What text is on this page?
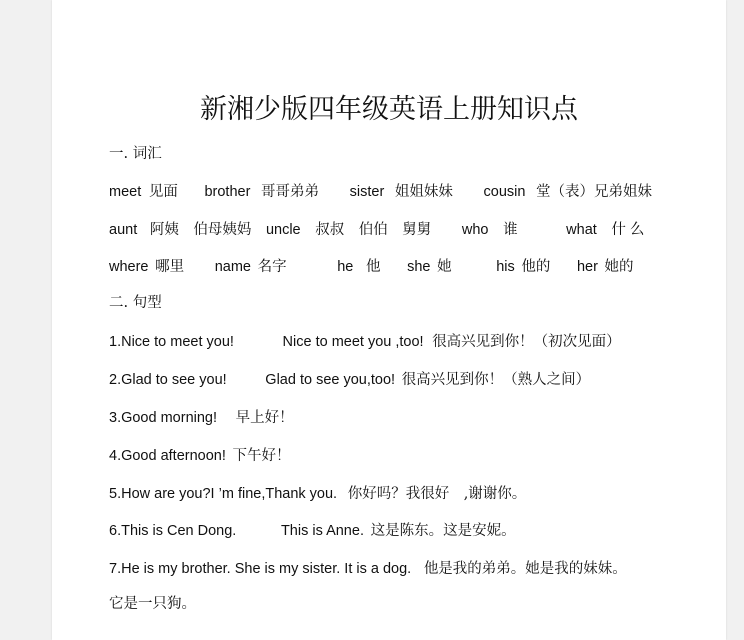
新湘少版四年级英语上册知识点
一. 词汇
meet 见面 brother 哥哥弟弟 sister 姐姐妹妹 cousin 堂（表）兄弟姐妹
aunt 阿姨　伯母姨妈 uncle 叔叔　伯伯　舅舅 who 谁	what 什么
where 哪里 name 名字	he 他 she 她	his 他的 her 她的
二. 句型
1.Nice to meet you!	Nice to meet you ,too! 很高兴见到你！（初次见面）
2.Glad to see you!	Glad to see you,too! 很高兴见到你！（熟人之间）
3.Good morning! 早上好！
4.Good afternoon! 下午好！
5.How are you?I ’m fine,Thank you. 你好吗？我很好　,谢谢你。
6.This is Cen Dong.	This is Anne. 这是陈东。这是安妮。
7.He is my brother. She is my sister. It is a dog. 他是我的弟弟。她是我的妹妹。
它是一只狗。
